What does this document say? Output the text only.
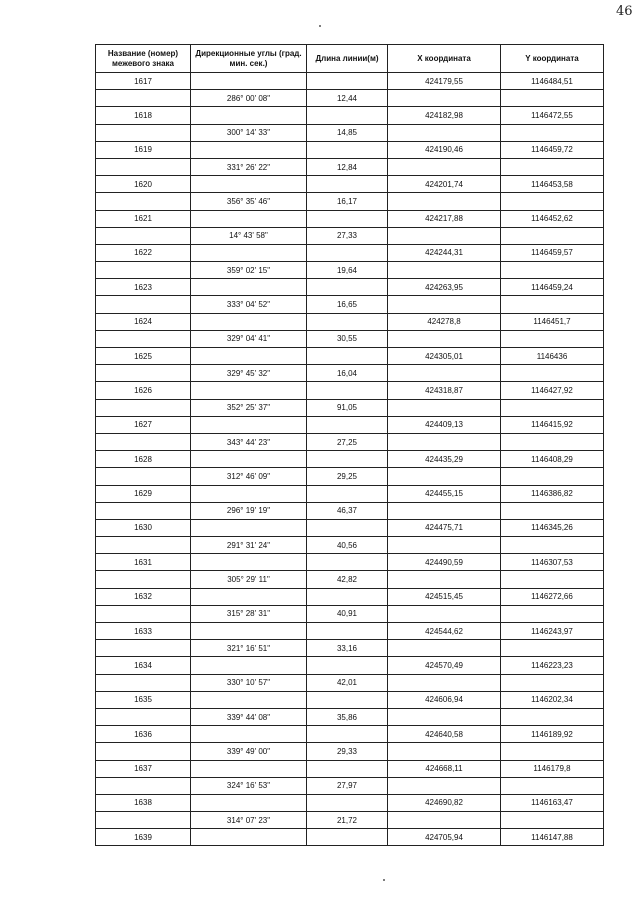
46
Название (номер) межевого знака	Дирекционные углы (град. мин. сек.)	Длина линии(м)	X координата	Y координата
1617			424179,55	1146484,51
	286° 00' 08"	12,44		
1618			424182,98	1146472,55
	300° 14' 33"	14,85		
1619			424190,46	1146459,72
	331° 26' 22"	12,84		
1620			424201,74	1146453,58
	356° 35' 46"	16,17		
1621			424217,88	1146452,62
	14° 43' 58"	27,33		
1622			424244,31	1146459,57
	359° 02' 15"	19,64		
1623			424263,95	1146459,24
	333° 04' 52"	16,65		
1624			424278,8	1146451,7
	329° 04' 41"	30,55		
1625			424305,01	1146436
	329° 45' 32"	16,04		
1626			424318,87	1146427,92
	352° 25' 37"	91,05		
1627			424409,13	1146415,92
	343° 44' 23"	27,25		
1628			424435,29	1146408,29
	312° 46' 09"	29,25		
1629			424455,15	1146386,82
	296° 19' 19"	46,37		
1630			424475,71	1146345,26
	291° 31' 24"	40,56		
1631			424490,59	1146307,53
	305° 29' 11"	42,82		
1632			424515,45	1146272,66
	315° 28' 31"	40,91		
1633			424544,62	1146243,97
	321° 16' 51"	33,16		
1634			424570,49	1146223,23
	330° 10' 57"	42,01		
1635			424606,94	1146202,34
	339° 44' 08"	35,86		
1636			424640,58	1146189,92
	339° 49' 00"	29,33		
1637			424668,11	1146179,8
	324° 16' 53"	27,97		
1638			424690,82	1146163,47
	314° 07' 23"	21,72		
1639			424705,94	1146147,88
